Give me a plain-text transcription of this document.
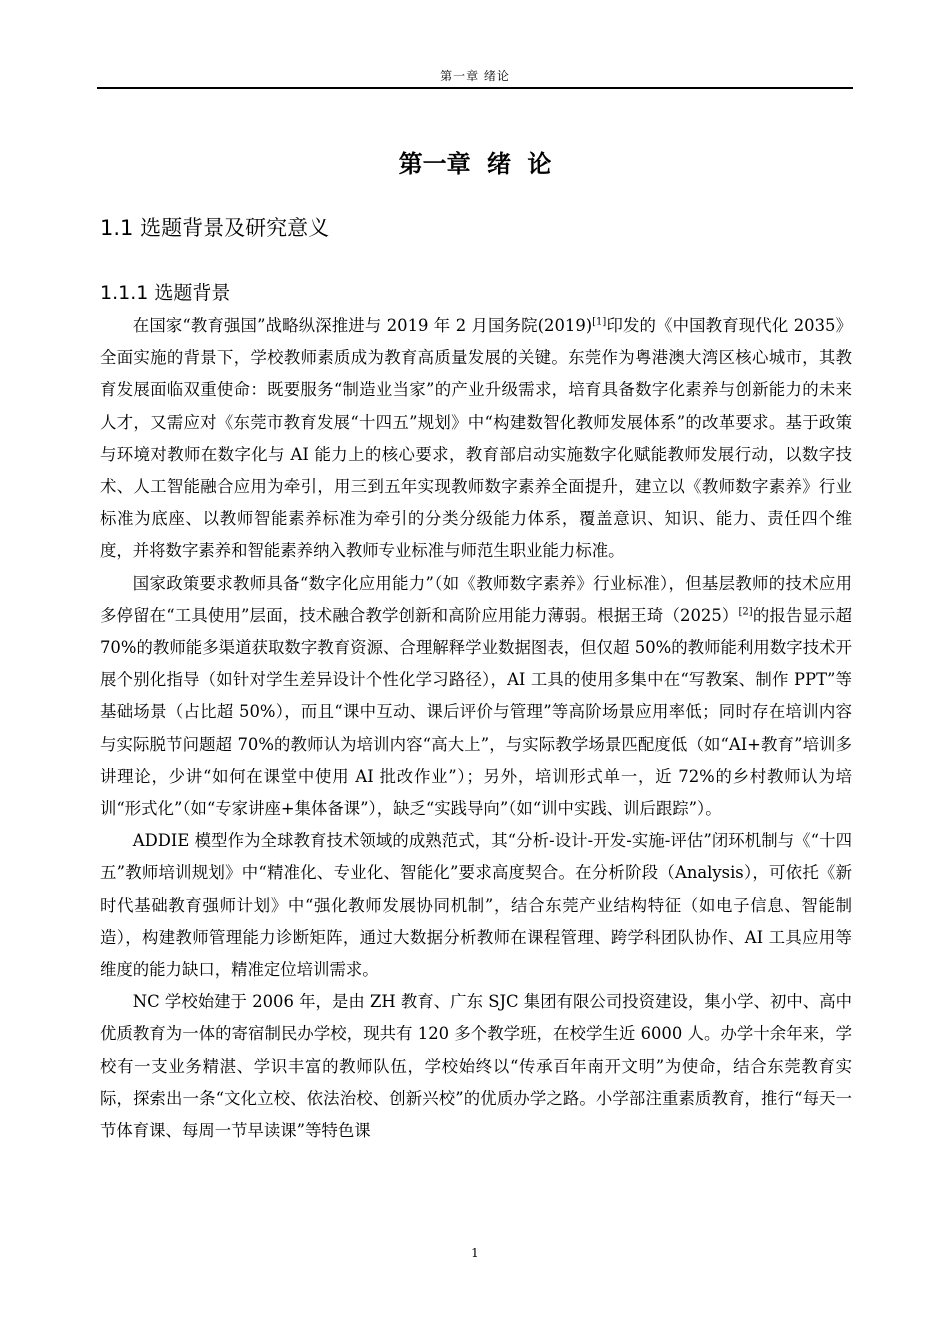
第一章 绪论
第一章 绪 论
1.1 选题背景及研究意义
1.1.1 选题背景

在国家“教育强国”战略纵深推进与 2019 年 2 月国务院(2019)[1]印发的《中国教育现代化 2035》全面实施的背景下，学校教师素质成为教育高质量发展的关键。东莞作为粤港澳大湾区核心城市，其教育发展面临双重使命：既要服务“制造业当家”的产业升级需求，培育具备数字化素养与创新能力的未来人才，又需应对《东莞市教育发展“十四五”规划》中“构建数智化教师发展体系”的改革要求。基于政策与环境对教师在数字化与 AI 能力上的核心要求，教育部启动实施数字化赋能教师发展行动，以数字技术、人工智能融合应用为牵引，用三到五年实现教师数字素养全面提升，建立以《教师数字素养》行业标准为底座、以教师智能素养标准为牵引的分类分级能力体系，覆盖意识、知识、能力、责任四个维度，并将数字素养和智能素养纳入教师专业标准与师范生职业能力标准。

国家政策要求教师具备“数字化应用能力”（如《教师数字素养》行业标准），但基层教师的技术应用多停留在“工具使用”层面，技术融合教学创新和高阶应用能力薄弱。根据王琦（2025）[2]的报告显示超 70%的教师能多渠道获取数字教育资源、合理解释学业数据图表，但仅超 50%的教师能利用数字技术开展个别化指导（如针对学生差异设计个性化学习路径），AI 工具的使用多集中在“写教案、制作 PPT”等基础场景（占比超 50%），而且“课中互动、课后评价与管理”等高阶场景应用率低；同时存在培训内容与实际脱节问题超 70%的教师认为培训内容“高大上”，与实际教学场景匹配度低（如“AI+教育”培训多讲理论，少讲“如何在课堂中使用 AI 批改作业”）；另外，培训形式单一，近 72%的乡村教师认为培训“形式化”（如“专家讲座+集体备课”），缺乏“实践导向”（如“训中实践、训后跟踪”）。

ADDIE 模型作为全球教育技术领域的成熟范式，其“分析-设计-开发-实施-评估”闭环机制与《“十四五”教师培训规划》中“精准化、专业化、智能化”要求高度契合。在分析阶段（Analysis），可依托《新时代基础教育强师计划》中“强化教师发展协同机制”，结合东莞产业结构特征（如电子信息、智能制造），构建教师管理能力诊断矩阵，通过大数据分析教师在课程管理、跨学科团队协作、AI 工具应用等维度的能力缺口，精准定位培训需求。

NC 学校始建于 2006 年，是由 ZH 教育、广东 SJC 集团有限公司投资建设，集小学、初中、高中优质教育为一体的寄宿制民办学校，现共有 120 多个教学班，在校学生近 6000 人。办学十余年来，学校有一支业务精湛、学识丰富的教师队伍，学校始终以“传承百年南开文明”为使命，结合东莞教育实际，探索出一条“文化立校、依法治校、创新兴校”的优质办学之路。小学部注重素质教育，推行“每天一节体育课、每周一节早读课”等特色课

1
